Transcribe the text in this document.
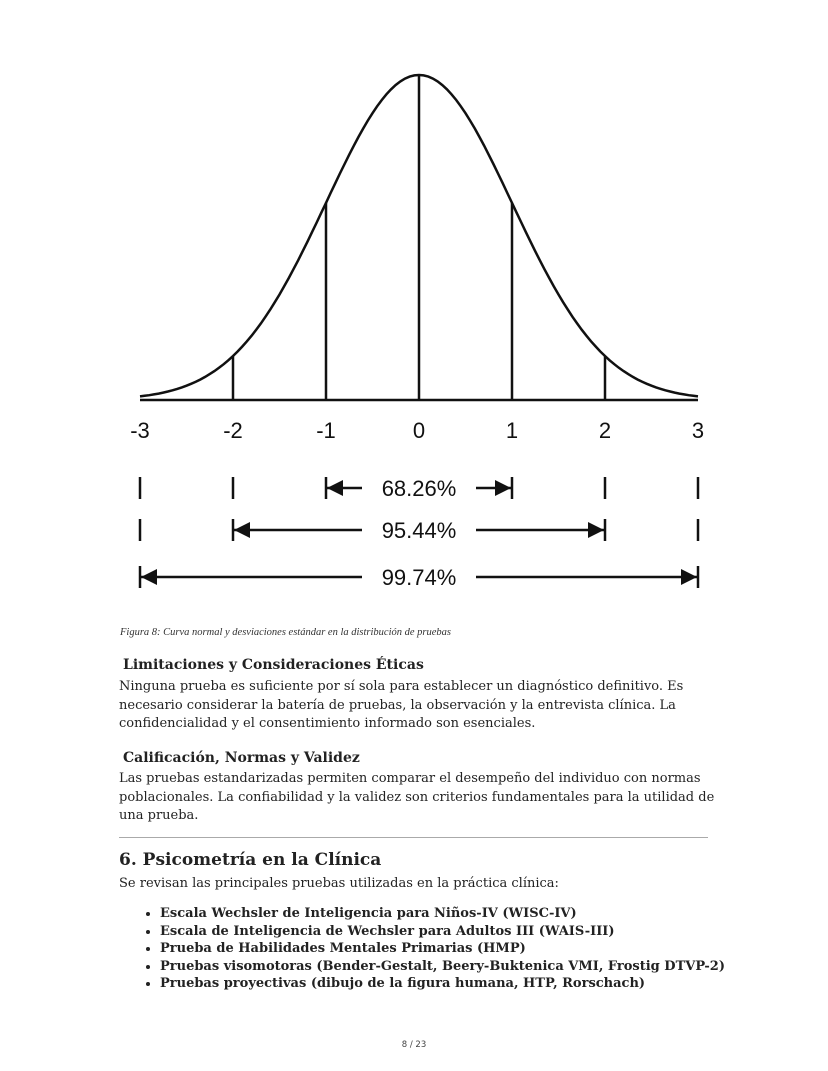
-3	-2	-1	0	1	2	3
68.26%
95.44%
99.74%
Figura 8: Curva normal y desviaciones estándar en la distribución de pruebas
Limitaciones y Consideraciones Éticas
Ninguna prueba es suficiente por sí sola para establecer un diagnóstico definitivo. Es necesario considerar la batería de pruebas, la observación y la entrevista clínica. La confidencialidad y el consentimiento informado son esenciales.
Calificación, Normas y Validez
Las pruebas estandarizadas permiten comparar el desempeño del individuo con normas poblacionales. La confiabilidad y la validez son criterios fundamentales para la utilidad de una prueba.
6. Psicometría en la Clínica
Se revisan las principales pruebas utilizadas en la práctica clínica:
• Escala Wechsler de Inteligencia para Niños-IV (WISC-IV)
• Escala de Inteligencia de Wechsler para Adultos III (WAIS-III)
• Prueba de Habilidades Mentales Primarias (HMP)
• Pruebas visomotoras (Bender-Gestalt, Beery-Buktenica VMI, Frostig DTVP-2)
• Pruebas proyectivas (dibujo de la figura humana, HTP, Rorschach)
8 / 23
